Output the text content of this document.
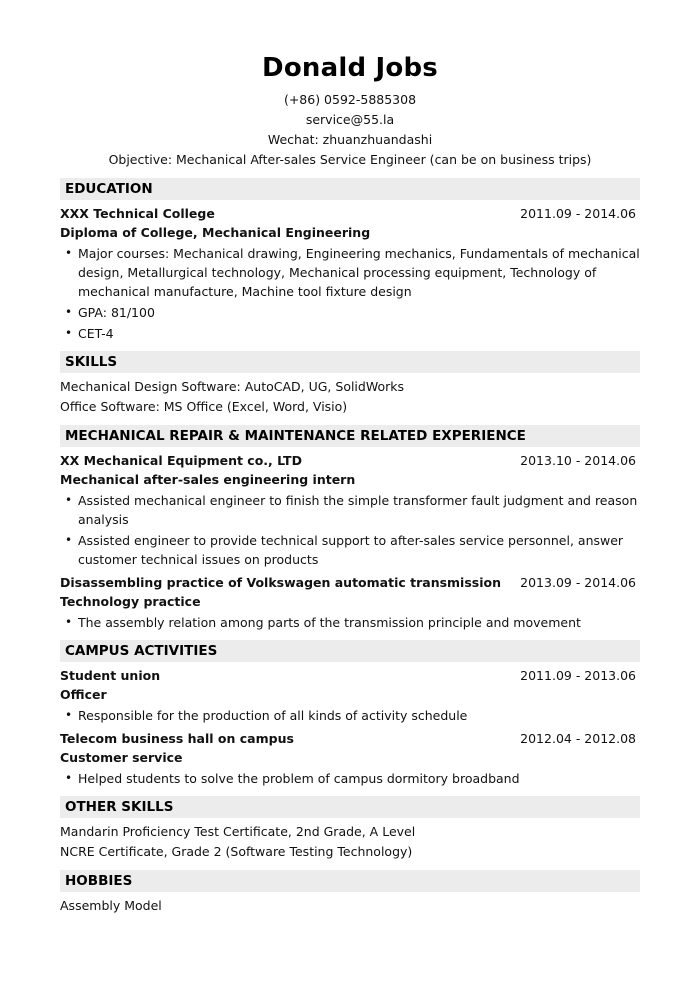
Donald Jobs
(+86) 0592-5885308
service@55.la
Wechat: zhuanzhuandashi
Objective: Mechanical After-sales Service Engineer (can be on business trips)
EDUCATION
XXX Technical College	2011.09 - 2014.06
Diploma of College, Mechanical Engineering
• Major courses: Mechanical drawing, Engineering mechanics, Fundamentals of mechanical design, Metallurgical technology, Mechanical processing equipment, Technology of mechanical manufacture, Machine tool fixture design
• GPA: 81/100
• CET-4
SKILLS
Mechanical Design Software: AutoCAD, UG, SolidWorks
Office Software: MS Office (Excel, Word, Visio)
MECHANICAL REPAIR & MAINTENANCE RELATED EXPERIENCE
XX Mechanical Equipment co., LTD	2013.10 - 2014.06
Mechanical after-sales engineering intern
• Assisted mechanical engineer to finish the simple transformer fault judgment and reason analysis
• Assisted engineer to provide technical support to after-sales service personnel, answer customer technical issues on products
Disassembling practice of Volkswagen automatic transmission 2013.09 - 2014.06
Technology practice
• The assembly relation among parts of the transmission principle and movement
CAMPUS ACTIVITIES
Student union	2011.09 - 2013.06
Officer
• Responsible for the production of all kinds of activity schedule
Telecom business hall on campus	2012.04 - 2012.08
Customer service
• Helped students to solve the problem of campus dormitory broadband
OTHER SKILLS
Mandarin Proficiency Test Certificate, 2nd Grade, A Level
NCRE Certificate, Grade 2 (Software Testing Technology)
HOBBIES
Assembly Model
